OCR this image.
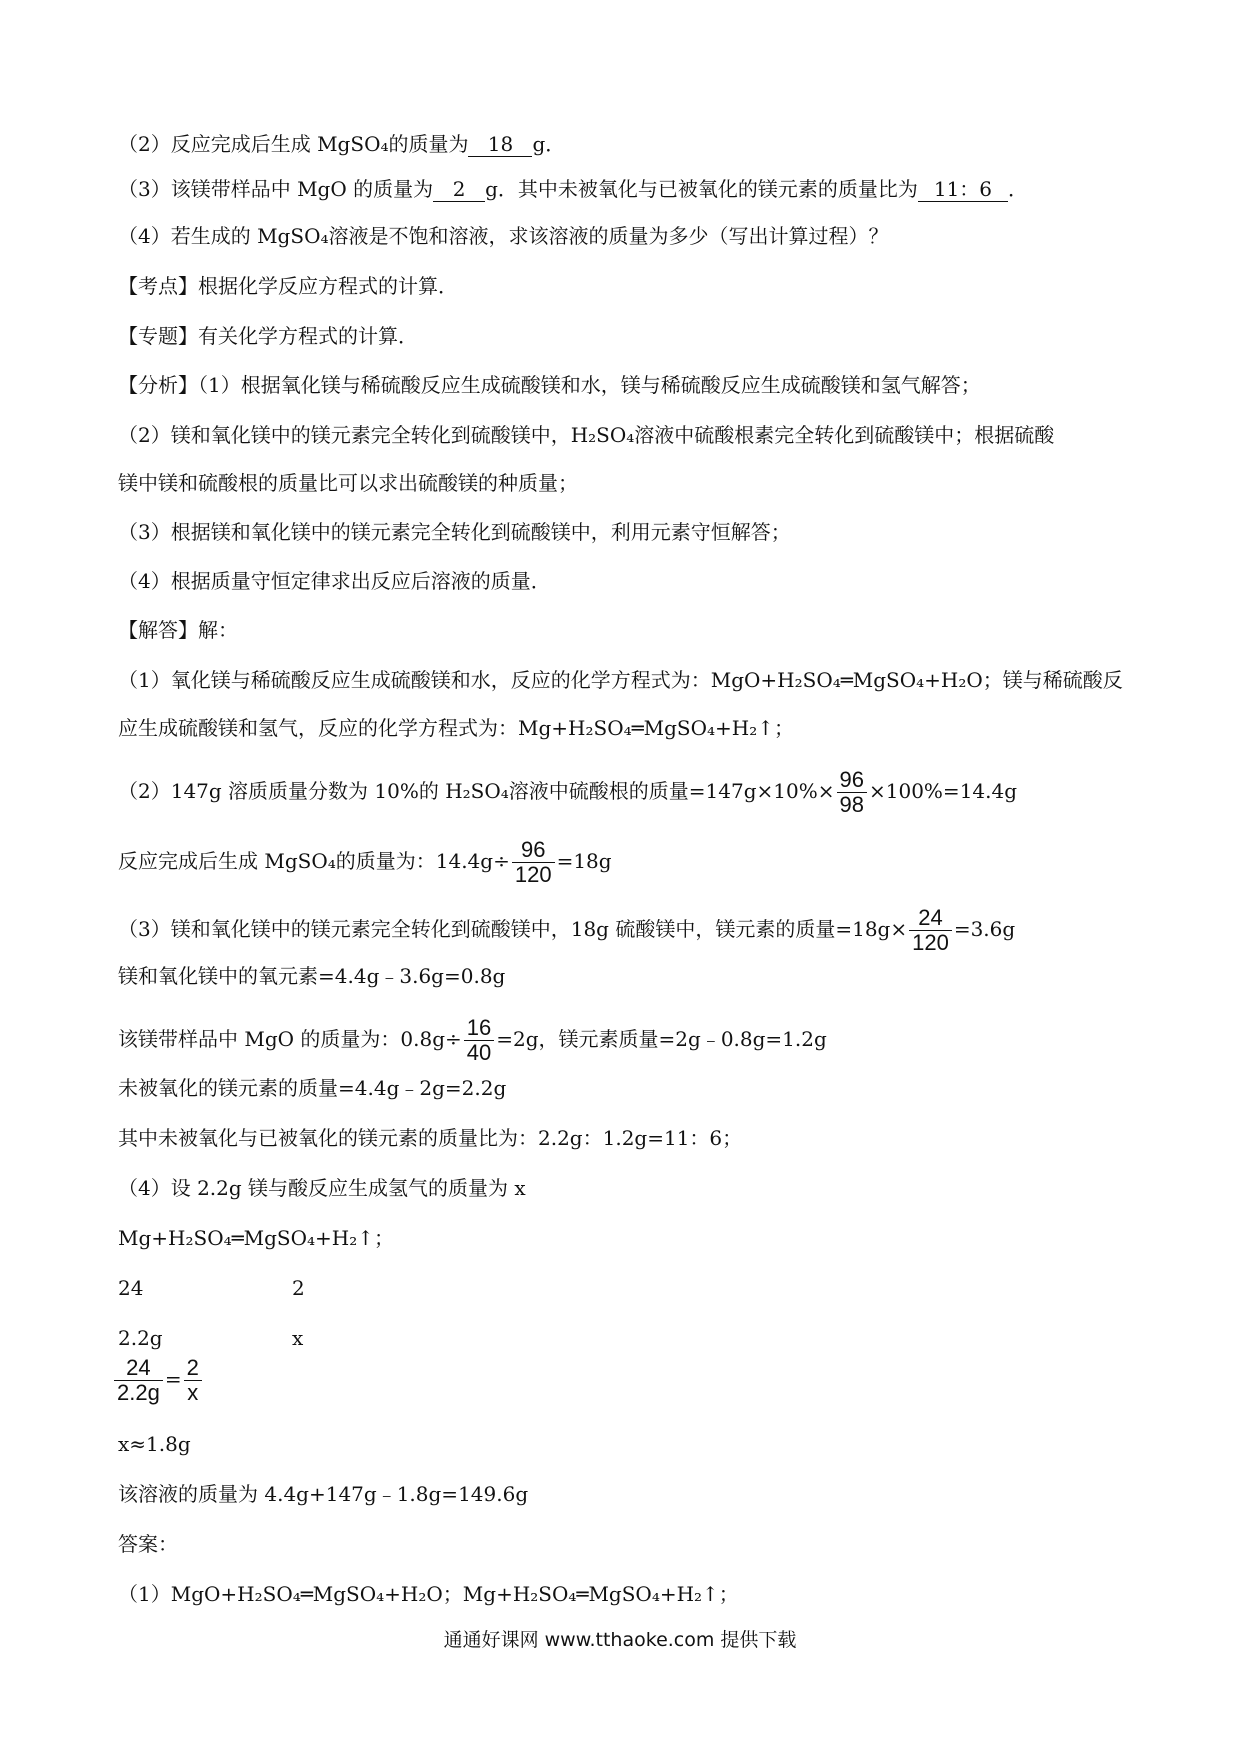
（2）反应完成后生成 MgSO₄的质量为 18 g．
（3）该镁带样品中 MgO 的质量为 2 g．其中未被氧化与已被氧化的镁元素的质量比为 11：6 ．
（4）若生成的 MgSO₄溶液是不饱和溶液，求该溶液的质量为多少（写出计算过程）？
【考点】根据化学反应方程式的计算．
【专题】有关化学方程式的计算．
【分析】（1）根据氧化镁与稀硫酸反应生成硫酸镁和水，镁与稀硫酸反应生成硫酸镁和氢气解答；
（2）镁和氧化镁中的镁元素完全转化到硫酸镁中，H₂SO₄溶液中硫酸根素完全转化到硫酸镁中；根据硫酸
镁中镁和硫酸根的质量比可以求出硫酸镁的种质量；
（3）根据镁和氧化镁中的镁元素完全转化到硫酸镁中，利用元素守恒解答；
（4）根据质量守恒定律求出反应后溶液的质量．
【解答】解：
（1）氧化镁与稀硫酸反应生成硫酸镁和水，反应的化学方程式为：MgO+H₂SO₄═MgSO₄+H₂O；镁与稀硫酸反
应生成硫酸镁和氢气，反应的化学方程式为：Mg+H₂SO₄═MgSO₄+H₂↑；
（2）147g 溶质质量分数为 10%的 H₂SO₄溶液中硫酸根的质量$=147g\times 10\%\times \frac{96}{98} \times 100\%=14.4g$
反应完成后生成 MgSO₄的质量为：$14.4g\div \frac{96}{120} =18g$
（3）镁和氧化镁中的镁元素完全转化到硫酸镁中，18g 硫酸镁中，镁元素的质量$=18g\times \frac{24}{120} =3.6g$
镁和氧化镁中的氧元素=4.4g﹣3.6g=0.8g
该镁带样品中 MgO 的质量为：$0.8g\div \frac{16}{40} =2g$，镁元素质量=2g﹣0.8g=1.2g
未被氧化的镁元素的质量=4.4g﹣2g=2.2g
其中未被氧化与已被氧化的镁元素的质量比为：2.2g：1.2g=11：6；
（4）设 2.2g 镁与酸反应生成氢气的质量为 x
Mg+H₂SO₄═MgSO₄+H₂↑；
24	2
2.2g	x
$\frac{24}{2.2g} = \frac{2}{x}$
x≈1.8g
该溶液的质量为 4.4g+147g﹣1.8g=149.6g
答案：
（1）MgO+H₂SO₄═MgSO₄+H₂O；Mg+H₂SO₄═MgSO₄+H₂↑；
通通好课网 www.tthaoke.com 提供下载
